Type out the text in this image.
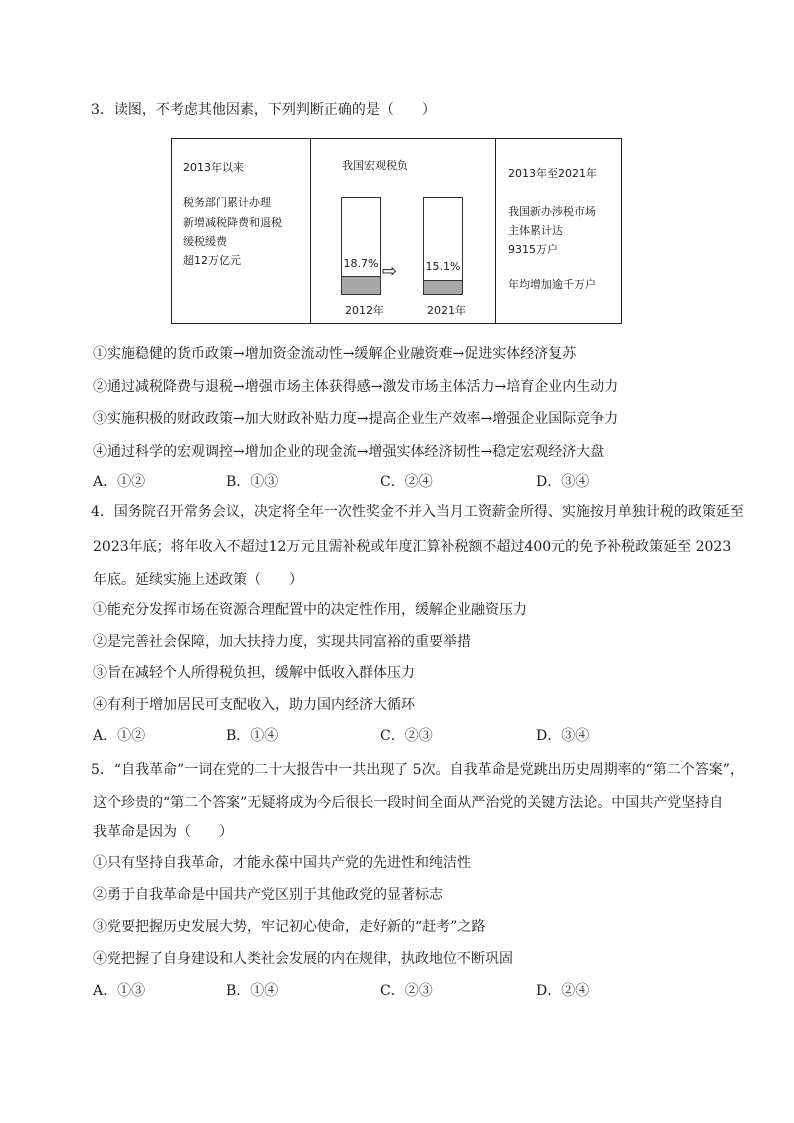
3．读图，不考虑其他因素，下列判断正确的是（　　）
2013年以来
税务部门累计办理
新增减税降费和退税
缓税缓费
超12万亿元
我国宏观税负
18.7% ⇨	15.1%
2012年	2021年
2013年至2021年
我国新办涉税市场
主体累计达
9315万户
年均增加逾千万户
①实施稳健的货币政策→增加资金流动性→缓解企业融资难→促进实体经济复苏
②通过减税降费与退税→增强市场主体获得感→激发市场主体活力→培育企业内生动力
③实施积极的财政政策→加大财政补贴力度→提高企业生产效率→增强企业国际竞争力
④通过科学的宏观调控→增加企业的现金流→增强实体经济韧性→稳定宏观经济大盘
A．①②	B．①③	C．②④	D．③④
4．国务院召开常务会议，决定将全年一次性奖金不并入当月工资薪金所得、实施按月单独计税的政策延至
2023年底；将年收入不超过12万元且需补税或年度汇算补税额不超过400元的免予补税政策延至 2023
年底。延续实施上述政策（　　）
①能充分发挥市场在资源合理配置中的决定性作用，缓解企业融资压力
②是完善社会保障，加大扶持力度，实现共同富裕的重要举措
③旨在减轻个人所得税负担，缓解中低收入群体压力
④有利于增加居民可支配收入，助力国内经济大循环
A．①②	B．①④	C．②③	D．③④
5．“自我革命”一词在党的二十大报告中一共出现了 5次。自我革命是党跳出历史周期率的“第二个答案”，
这个珍贵的“第二个答案”无疑将成为今后很长一段时间全面从严治党的关键方法论。中国共产党坚持自
我革命是因为（　　）
①只有坚持自我革命，才能永葆中国共产党的先进性和纯洁性
②勇于自我革命是中国共产党区别于其他政党的显著标志
③党要把握历史发展大势，牢记初心使命，走好新的“赶考”之路
④党把握了自身建设和人类社会发展的内在规律，执政地位不断巩固
A．①③	B．①④	C．②③	D．②④
